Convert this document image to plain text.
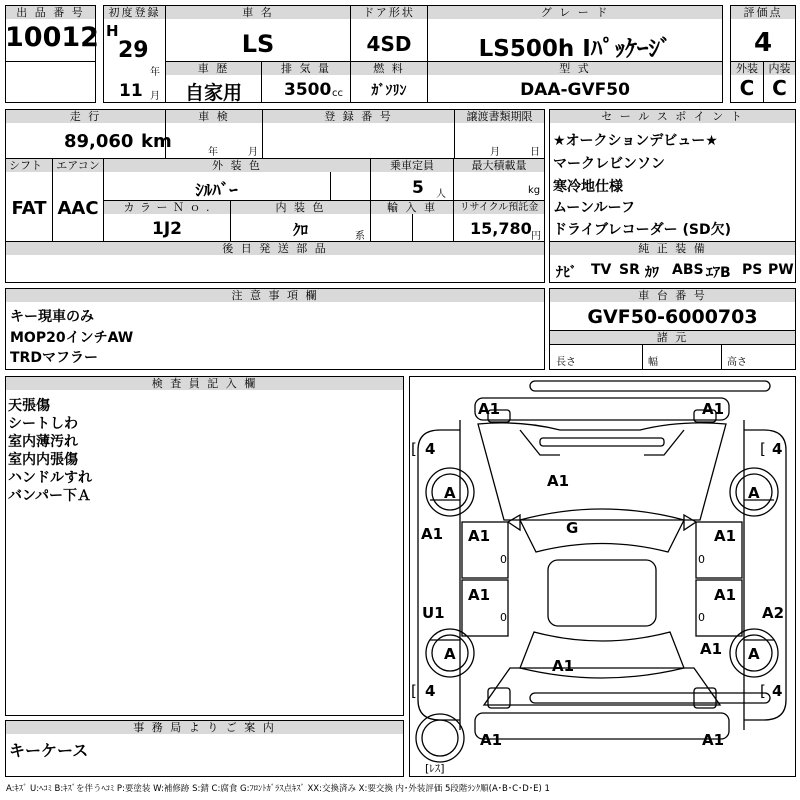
出 品 番 号
10012
初度登録
H
29
年
11 月
車 名
LS
ドア形状
4SD
グ レ ー ド
LS500h Iﾊﾟｯｹｰｼﾞ
評価点
4
車 歴
自家用
排 気 量
3500 cc
燃 料
ｶﾞｿﾘﾝ
型 式
DAA-GVF50
外装
C
内装
C
走 行
89,060 km
車 検
年	月
登 録 番 号	譲渡書類期限
月	日
シフト
FAT
エアコン
AAC
外 装 色
ｼﾙﾊﾞｰ
乗車定員
5 人
最大積載量
kg
カ ラ ー Ｎ ｏ .
1J2
内 装 色
ｸﾛ	系
輸 入 車	リサイクル預託金
15,780 円
後 日 発 送 部 品
セ ー ル ス ポ イ ン ト
★オークションデビュー★
マークレビンソン
寒冷地仕様
ムーンルーフ
ドライブレコーダー (SD欠)
純 正 装 備
ﾅﾋﾞ TV SR ｶﾜ ABS ｴｱB PS PW
注 意 事 項 欄
キー現車のみ
MOP20インチAW
TRDマフラー
車 台 番 号
GVF50-6000703
諸 元
長さ	幅	高さ
検 査 員 記 入 欄
天張傷
シートしわ
室内薄汚れ
室内内張傷
ハンドルすれ
バンパー下Ａ
事 務 局 よ り ご 案 内
キーケース
A1	A1
A1
G
A1 A1	A1
A1	A1
A1
A1
U1	A2
A1	A1
A	A
A	A
[ 4	[ 4
[ 4	[ 4
0
0
0
0
[ﾚｽ]
A:ｷｽﾞ U:ﾍｺﾐ B:ｷｽﾞを伴うﾍｺﾐ P:要塗装 W:補修跡 S:錆 C:腐食 G:ﾌﾛﾝﾄｶﾞﾗｽ点ｷｽﾞ XX:交換済み X:要交換 内･外装評価 5段階ﾗﾝｸ順(A･B･C･D･E) 1
